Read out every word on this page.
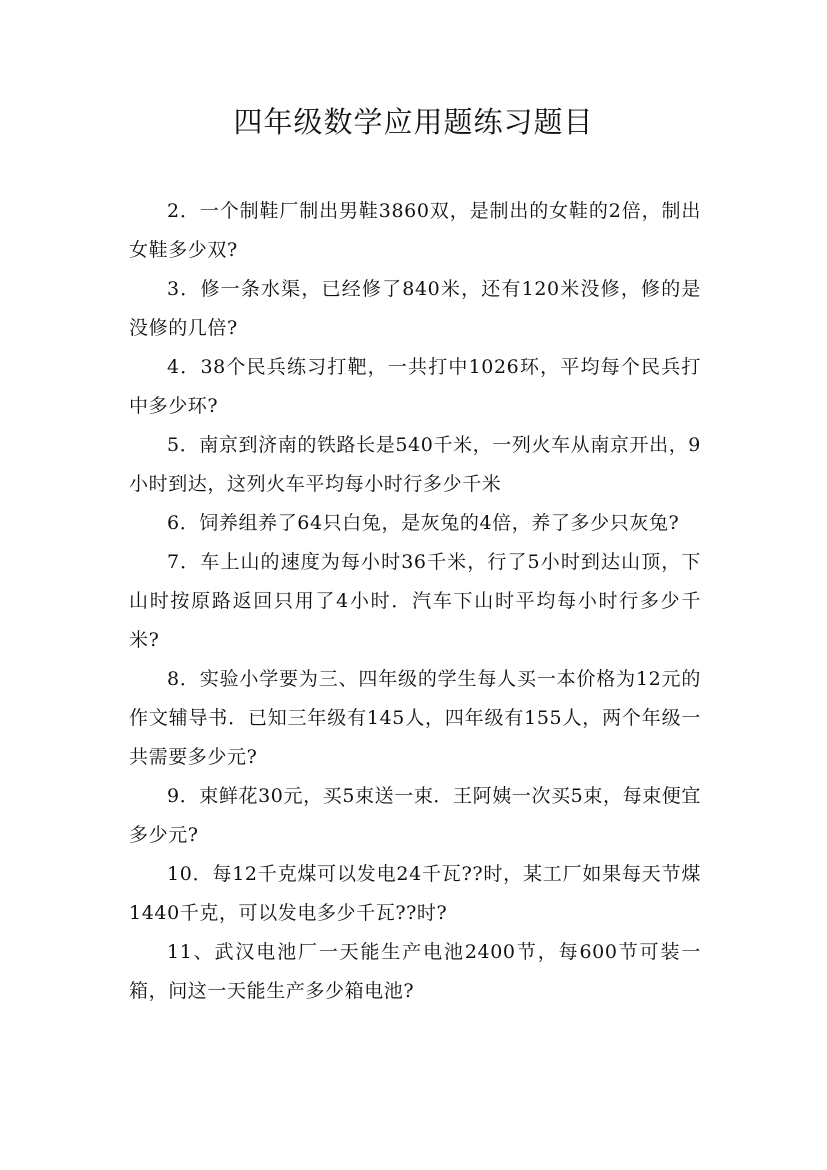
四年级数学应用题练习题目

2．一个制鞋厂制出男鞋3860双，是制出的女鞋的2倍，制出女鞋多少双?

3．修一条水渠，已经修了840米，还有120米没修，修的是没修的几倍?

4．38个民兵练习打靶，一共打中1026环，平均每个民兵打中多少环?

5．南京到济南的铁路长是540千米，一列火车从南京开出，9小时到达，这列火车平均每小时行多少千米

6．饲养组养了64只白兔，是灰兔的4倍，养了多少只灰兔?

7．车上山的速度为每小时36千米，行了5小时到达山顶，下山时按原路返回只用了4小时．汽车下山时平均每小时行多少千米?

8．实验小学要为三、四年级的学生每人买一本价格为12元的作文辅导书．已知三年级有145人，四年级有155人，两个年级一共需要多少元?

9．束鲜花30元，买5束送一束．王阿姨一次买5束，每束便宜多少元?

10．每12千克煤可以发电24千瓦??时，某工厂如果每天节煤1440千克，可以发电多少千瓦??时?

11、武汉电池厂一天能生产电池2400节，每600节可装一箱，问这一天能生产多少箱电池?
